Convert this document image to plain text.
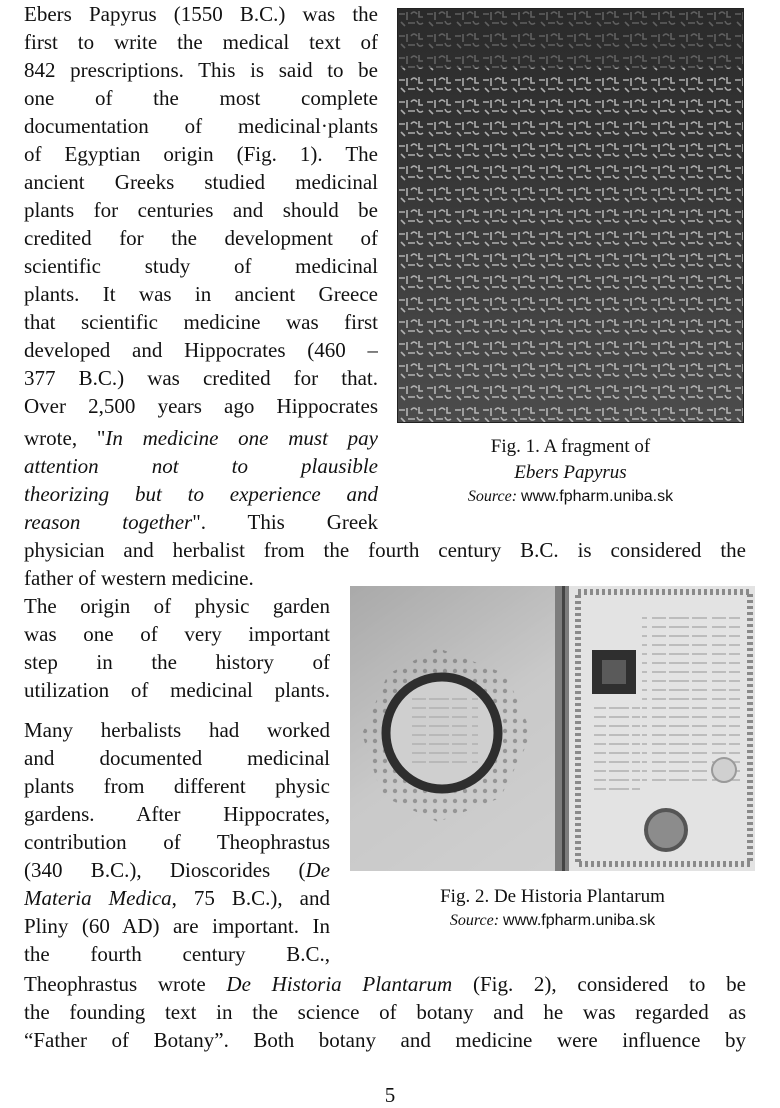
Ebers Papyrus (1550 B.C.) was the
first to write the medical text of
842 prescriptions. This is said to be
one of the most complete
documentation of medicinal·plants
of Egyptian origin (Fig. 1). The
ancient Greeks studied medicinal
plants for centuries and should be
credited for the development of
scientific study of medicinal
plants. It was in ancient Greece
that scientific medicine was first
developed and Hippocrates (460 –
377 B.C.) was credited for that.
Over 2,500 years ago Hippocrates
wrote, "In medicine one must pay
attention not to plausible
theorizing but to experience and
reason together". This Greek
Fig. 1. A fragment of
Ebers Papyrus
Source: www.fpharm.uniba.sk
physician and herbalist from the fourth century B.C. is considered the
father of western medicine.
The origin of physic garden
was one of very important
step in the history of
utilization of medicinal plants.
Many herbalists had worked
and documented medicinal
plants from different physic
gardens. After Hippocrates,
contribution of Theophrastus
(340 B.C.), Dioscorides (De
Materia Medica, 75 B.C.), and
Pliny (60 AD) are important. In
the fourth century B.C.,
Fig. 2. De Historia Plantarum
Source: www.fpharm.uniba.sk
Theophrastus wrote De Historia Plantarum (Fig. 2), considered to be
the founding text in the science of botany and he was regarded as
“Father of Botany”. Both botany and medicine were influence by
5
